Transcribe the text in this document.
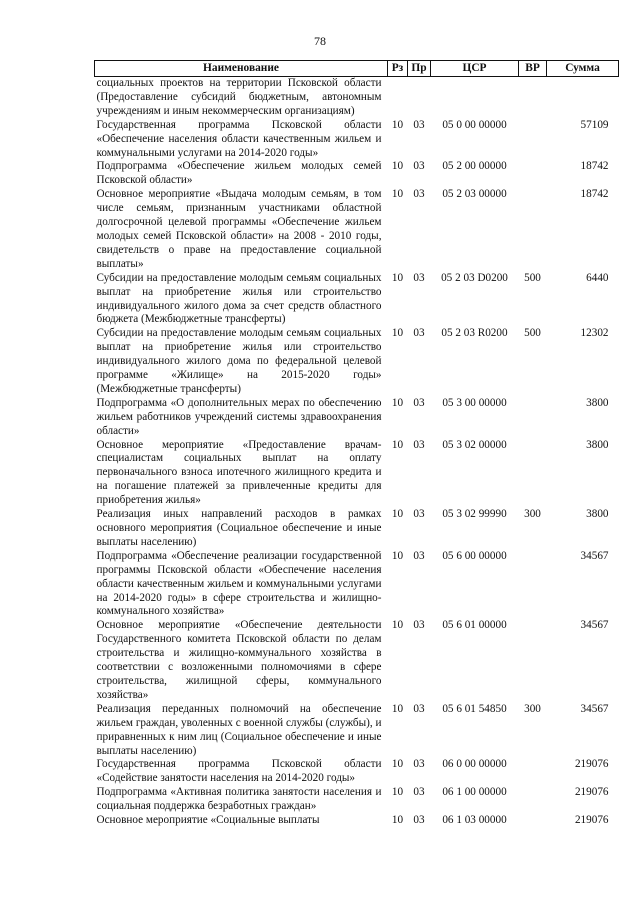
78
Наименование	Рз	Пр	ЦСР	ВР	Сумма
социальных проектов на территории Псковской области (Предоставление субсидий бюджетным, автономным учреждениям и иным некоммерческим организациям)					
Государственная программа Псковской области «Обеспечение населения области качественным жильем и коммунальными услугами на 2014-2020 годы»	10	03	05 0 00 00000		57109
Подпрограмма «Обеспечение жильем молодых семей Псковской области»	10	03	05 2 00 00000		18742
Основное мероприятие «Выдача молодым семьям, в том числе семьям, признанным участниками областной долгосрочной целевой программы «Обеспечение жильем молодых семей Псковской области» на 2008 - 2010 годы, свидетельств о праве на предоставление социальной выплаты»	10	03	05 2 03 00000		18742
Субсидии на предоставление молодым семьям социальных выплат на приобретение жилья или строительство индивидуального жилого дома за счет средств областного бюджета (Межбюджетные трансферты)	10	03	05 2 03 D0200	500	6440
Субсидии на предоставление молодым семьям социальных выплат на приобретение жилья или строительство индивидуального жилого дома по федеральной целевой программе «Жилище» на 2015-2020 годы» (Межбюджетные трансферты)	10	03	05 2 03 R0200	500	12302
Подпрограмма «О дополнительных мерах по обеспечению жильем работников учреждений системы здравоохранения области»	10	03	05 3 00 00000		3800
Основное мероприятие «Предоставление врачам-специалистам социальных выплат на оплату первоначального взноса ипотечного жилищного кредита и на погашение платежей за привлеченные кредиты для приобретения жилья»	10	03	05 3 02 00000		3800
Реализация иных направлений расходов в рамках основного мероприятия (Социальное обеспечение и иные выплаты населению)	10	03	05 3 02 99990	300	3800
Подпрограмма «Обеспечение реализации государственной программы Псковской области «Обеспечение населения области качественным жильем и коммунальными услугами на 2014-2020 годы» в сфере строительства и жилищно-коммунального хозяйства»	10	03	05 6 00 00000		34567
Основное мероприятие «Обеспечение деятельности Государственного комитета Псковской области по делам строительства и жилищно-коммунального хозяйства в соответствии с возложенными полномочиями в сфере строительства, жилищной сферы, коммунального хозяйства»	10	03	05 6 01 00000		34567
Реализация переданных полномочий на обеспечение жильем граждан, уволенных с военной службы (службы), и приравненных к ним лиц (Социальное обеспечение и иные выплаты населению)	10	03	05 6 01 54850	300	34567
Государственная программа Псковской области «Содействие занятости населения на 2014-2020 годы»	10	03	06 0 00 00000		219076
Подпрограмма «Активная политика занятости населения и социальная поддержка безработных граждан»	10	03	06 1 00 00000		219076
Основное мероприятие «Социальные выплаты	10	03	06 1 03 00000		219076
